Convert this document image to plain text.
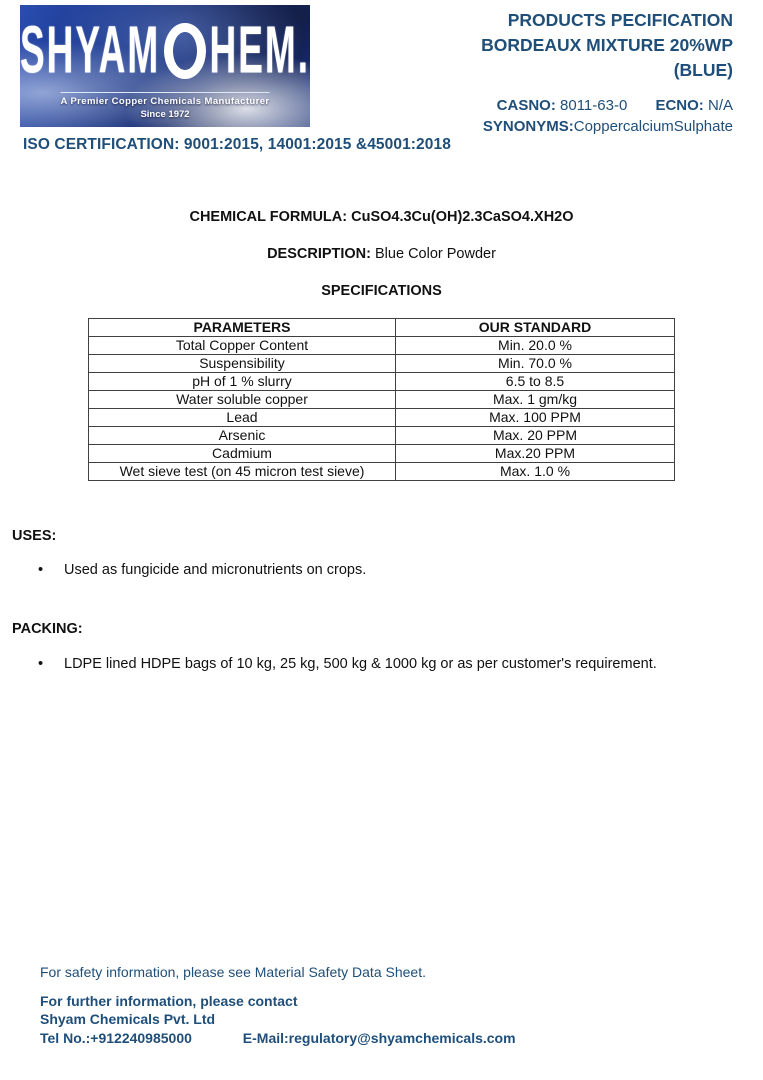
SHYAM HEM.
A Premier Copper Chemicals Manufacturer
Since 1972
PRODUCTS PECIFICATION
BORDEAUX MIXTURE 20%WP
(BLUE)
CASNO: 8011-63-0 ECNO: N/A
SYNONYMS:CoppercalciumSulphate
ISO CERTIFICATION: 9001:2015, 14001:2015 &45001:2018
CHEMICAL FORMULA: CuSO4.3Cu(OH)2.3CaSO4.XH2O
DESCRIPTION: Blue Color Powder
SPECIFICATIONS
PARAMETERS	OUR STANDARD
Total Copper Content	Min. 20.0 %
Suspensibility	Min. 70.0 %
pH of 1 % slurry	6.5 to 8.5
Water soluble copper	Max. 1 gm/kg
Lead	Max. 100 PPM
Arsenic	Max. 20 PPM
Cadmium	Max.20 PPM
Wet sieve test (on 45 micron test sieve)	Max. 1.0 %
USES:
•	Used as fungicide and micronutrients on crops.
PACKING:
•	LDPE lined HDPE bags of 10 kg, 25 kg, 500 kg & 1000 kg or as per customer's requirement.
For safety information, please see Material Safety Data Sheet.
For further information, please contact
Shyam Chemicals Pvt. Ltd
Tel No.:+912240985000	E-Mail:regulatory@shyamchemicals.com
